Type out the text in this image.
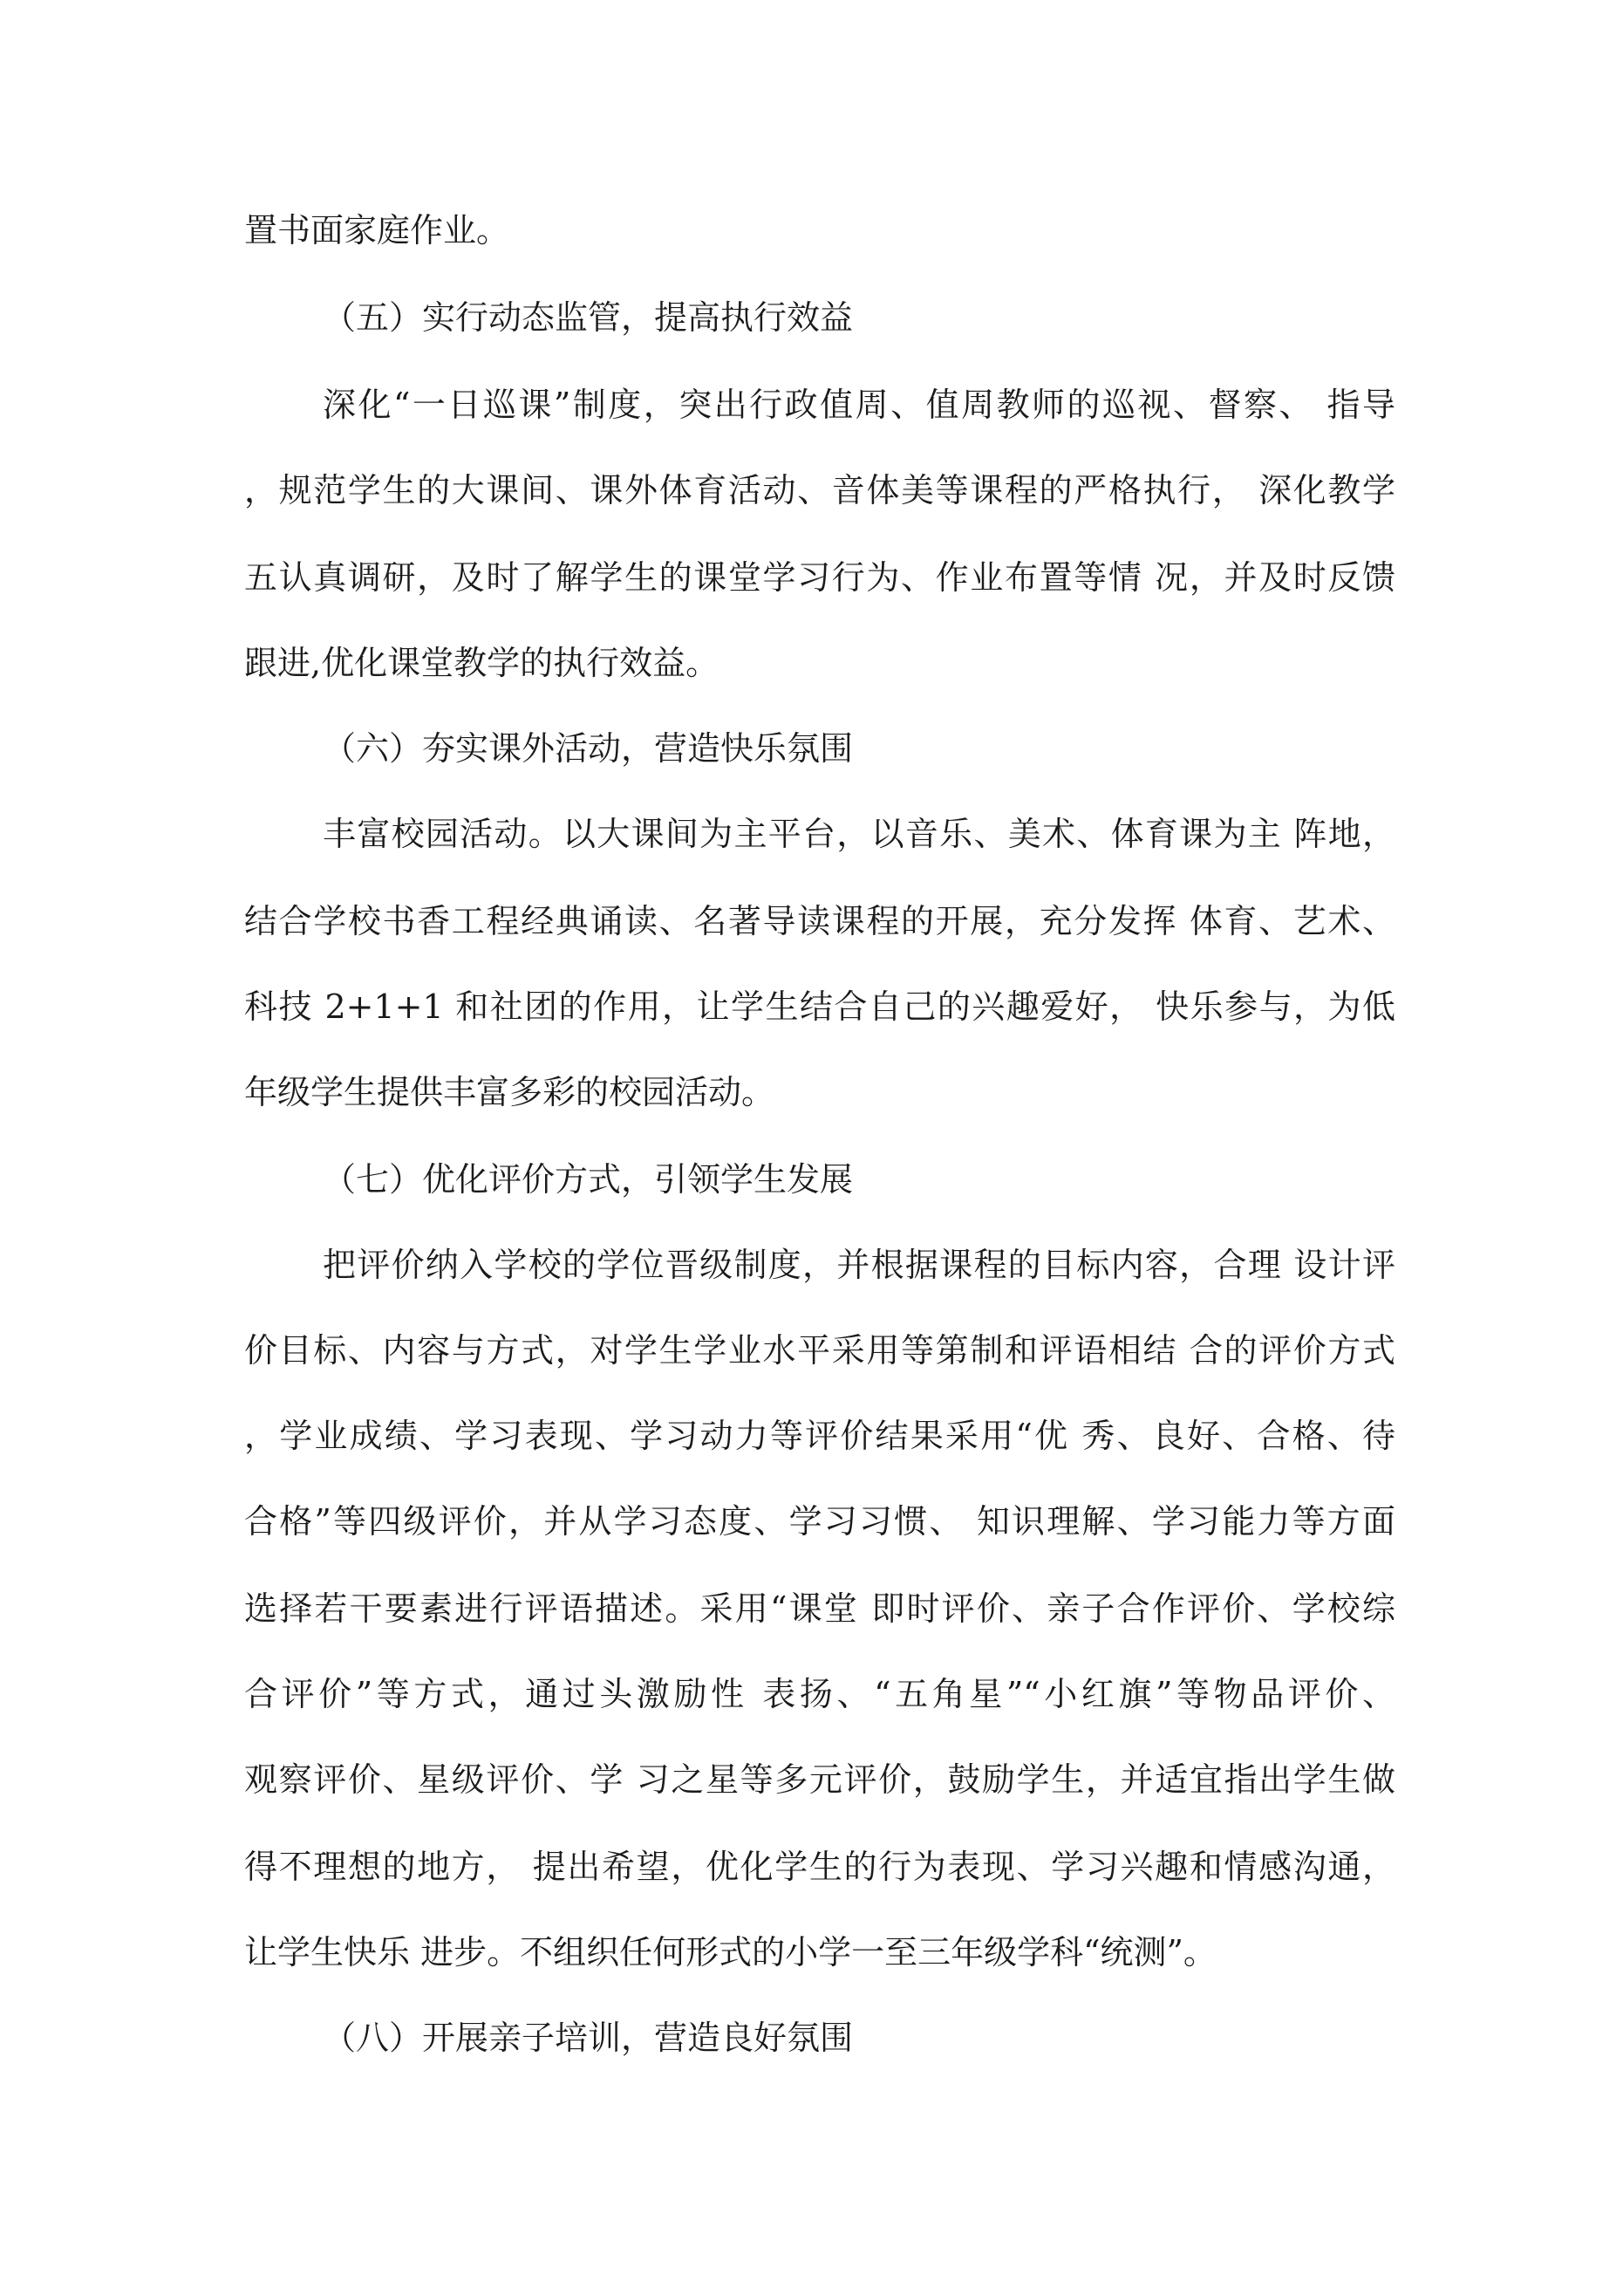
置书面家庭作业。
（五）实行动态监管，提高执行效益
深化“一日巡课”制度，突出行政值周、值周教师的巡视、督察、 指导
，规范学生的大课间、课外体育活动、音体美等课程的严格执行， 深化教学
五认真调研，及时了解学生的课堂学习行为、作业布置等情 况，并及时反馈
跟进,优化课堂教学的执行效益。
（六）夯实课外活动，营造快乐氛围
丰富校园活动。以大课间为主平台，以音乐、美术、体育课为主 阵地，
结合学校书香工程经典诵读、名著导读课程的开展，充分发挥 体育、艺术、
科技 2+1+1 和社团的作用，让学生结合自己的兴趣爱好， 快乐参与，为低
年级学生提供丰富多彩的校园活动。
（七）优化评价方式，引领学生发展
把评价纳入学校的学位晋级制度，并根据课程的目标内容，合理 设计评
价目标、内容与方式，对学生学业水平采用等第制和评语相结 合的评价方式
，学业成绩、学习表现、学习动力等评价结果采用“优 秀、良好、合格、待
合格”等四级评价，并从学习态度、学习习惯、 知识理解、学习能力等方面
选择若干要素进行评语描述。采用“课堂 即时评价、亲子合作评价、学校综
合评价”等方式，通过头激励性 表扬、“五角星”“小红旗”等物品评价、
观察评价、星级评价、学 习之星等多元评价，鼓励学生，并适宜指出学生做
得不理想的地方， 提出希望，优化学生的行为表现、学习兴趣和情感沟通，
让学生快乐 进步。不组织任何形式的小学一至三年级学科“统测”。
（八）开展亲子培训，营造良好氛围
